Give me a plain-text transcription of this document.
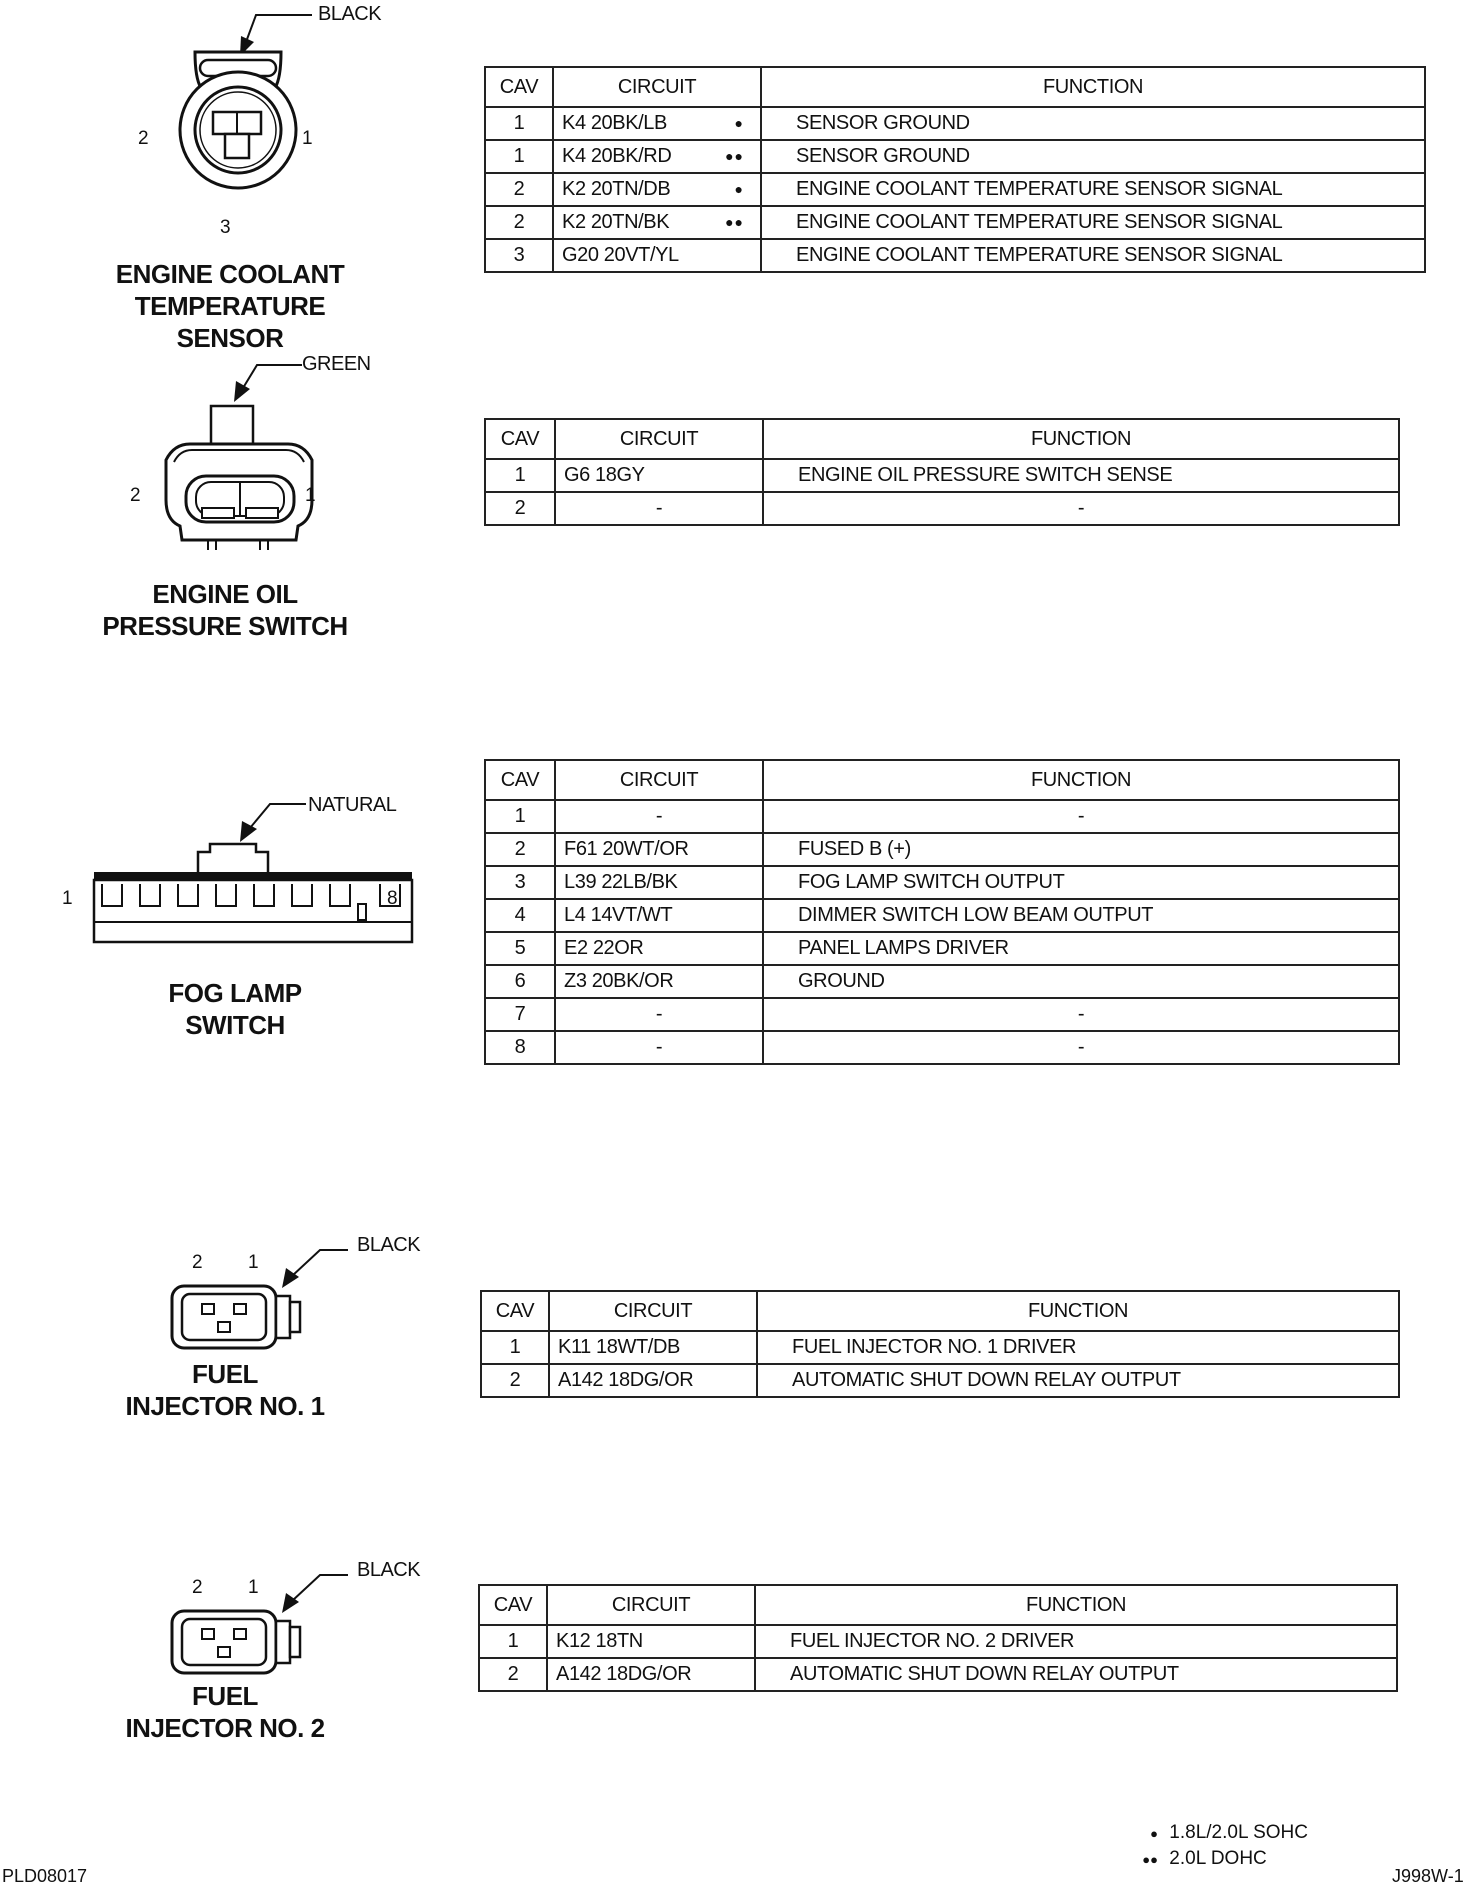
BLACK
2	1
3
ENGINE COOLANT
TEMPERATURE
SENSOR
CAV	CIRCUIT	FUNCTION
1	K4 20BK/LB ●	SENSOR GROUND
1	K4 20BK/RD ●●	SENSOR GROUND
2	K2 20TN/DB ●	ENGINE COOLANT TEMPERATURE SENSOR SIGNAL
2	K2 20TN/BK ●●	ENGINE COOLANT TEMPERATURE SENSOR SIGNAL
3	G20 20VT/YL	ENGINE COOLANT TEMPERATURE SENSOR SIGNAL
GREEN
2	1
ENGINE OIL
PRESSURE SWITCH
CAV	CIRCUIT	FUNCTION
1	G6 18GY	ENGINE OIL PRESSURE SWITCH SENSE
2	-	-
NATURAL
1	8
FOG LAMP
SWITCH
CAV	CIRCUIT	FUNCTION
1	-	-
2	F61 20WT/OR	FUSED B (+)
3	L39 22LB/BK	FOG LAMP SWITCH OUTPUT
4	L4 14VT/WT	DIMMER SWITCH LOW BEAM OUTPUT
5	E2 22OR	PANEL LAMPS DRIVER
6	Z3 20BK/OR	GROUND
7	-	-
8	-	-
BLACK
2 1
FUEL
INJECTOR NO. 1
CAV	CIRCUIT	FUNCTION
1	K11 18WT/DB	FUEL INJECTOR NO. 1 DRIVER
2	A142 18DG/OR	AUTOMATIC SHUT DOWN RELAY OUTPUT
BLACK
2 1
FUEL
INJECTOR NO. 2
CAV	CIRCUIT	FUNCTION
1	K12 18TN	FUEL INJECTOR NO. 2 DRIVER
2	A142 18DG/OR	AUTOMATIC SHUT DOWN RELAY OUTPUT
● 1.8L/2.0L SOHC
●● 2.0L DOHC
PLD08017	J998W-1
